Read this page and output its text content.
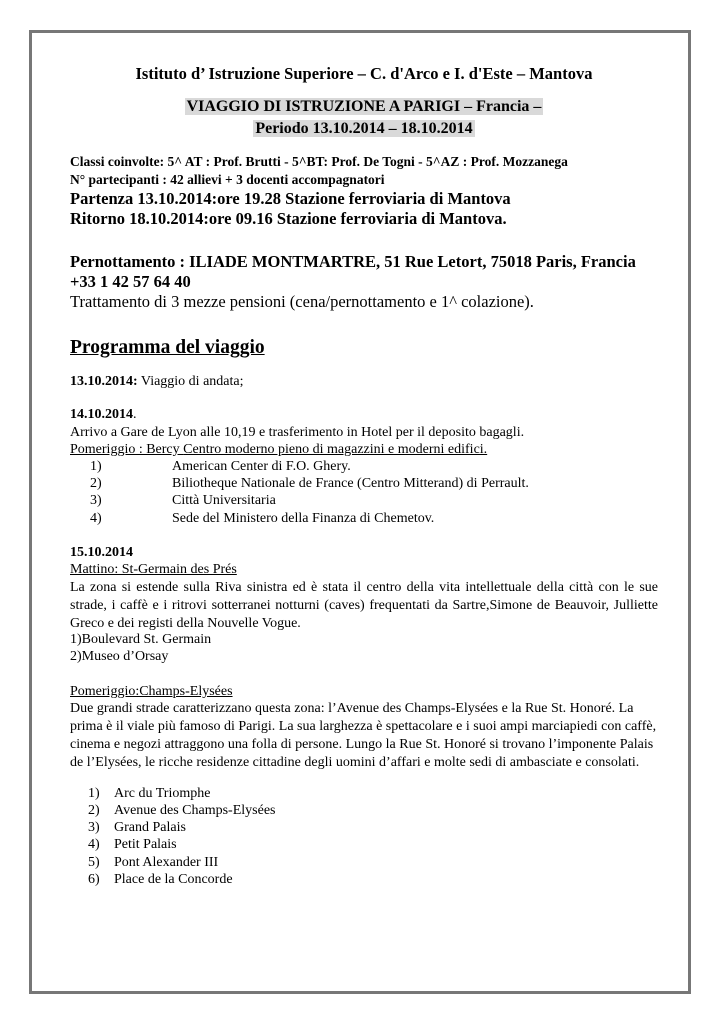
Istituto d’ Istruzione Superiore – C. d'Arco e I. d'Este – Mantova
VIAGGIO DI ISTRUZIONE A PARIGI – Francia –
Periodo 13.10.2014 – 18.10.2014
Classi coinvolte: 5^ AT : Prof. Brutti - 5^BT: Prof. De Togni - 5^AZ : Prof. Mozzanega
N° partecipanti : 42 allievi + 3 docenti accompagnatori
Partenza 13.10.2014:ore 19.28 Stazione ferroviaria di Mantova
Ritorno 18.10.2014:ore 09.16 Stazione ferroviaria di Mantova.
Pernottamento : ILIADE MONTMARTRE, 51 Rue Letort, 75018 Paris, Francia
+33 1 42 57 64 40
Trattamento di 3 mezze pensioni (cena/pernottamento e 1^ colazione).
Programma del viaggio
13.10.2014: Viaggio di andata;
14.10.2014.
Arrivo a Gare de Lyon alle 10,19 e trasferimento in Hotel per il deposito bagagli.
Pomeriggio : Bercy Centro moderno pieno di magazzini e moderni edifici.
1)	American Center di F.O. Ghery.
2)	Biliotheque Nationale de France (Centro Mitterand) di Perrault.
3)	Città Universitaria
4)	Sede del Ministero della Finanza di Chemetov.
15.10.2014
Mattino: St-Germain des Prés
La zona si estende sulla Riva sinistra ed è stata il centro della vita intellettuale della città con le sue strade, i caffè e i ritrovi sotterranei notturni (caves) frequentati da Sartre,Simone de Beauvoir, Julliette Greco e dei registi della Nouvelle Vogue.
1)Boulevard St. Germain
2)Museo d’Orsay
Pomeriggio:Champs-Elysées
Due grandi strade caratterizzano questa zona: l’Avenue des Champs-Elysées e la Rue St. Honoré. La prima è il viale più famoso di Parigi. La sua larghezza è spettacolare e i suoi ampi marciapiedi con caffè, cinema e negozi attraggono una folla di persone. Lungo la Rue St. Honoré si trovano l’imponente Palais de l’Elysées, le ricche residenze cittadine degli uomini d’affari e molte sedi di ambasciate e consolati.
1) Arc du Triomphe
2) Avenue des Champs-Elysées
3) Grand Palais
4) Petit Palais
5) Pont Alexander III
6) Place de la Concorde
